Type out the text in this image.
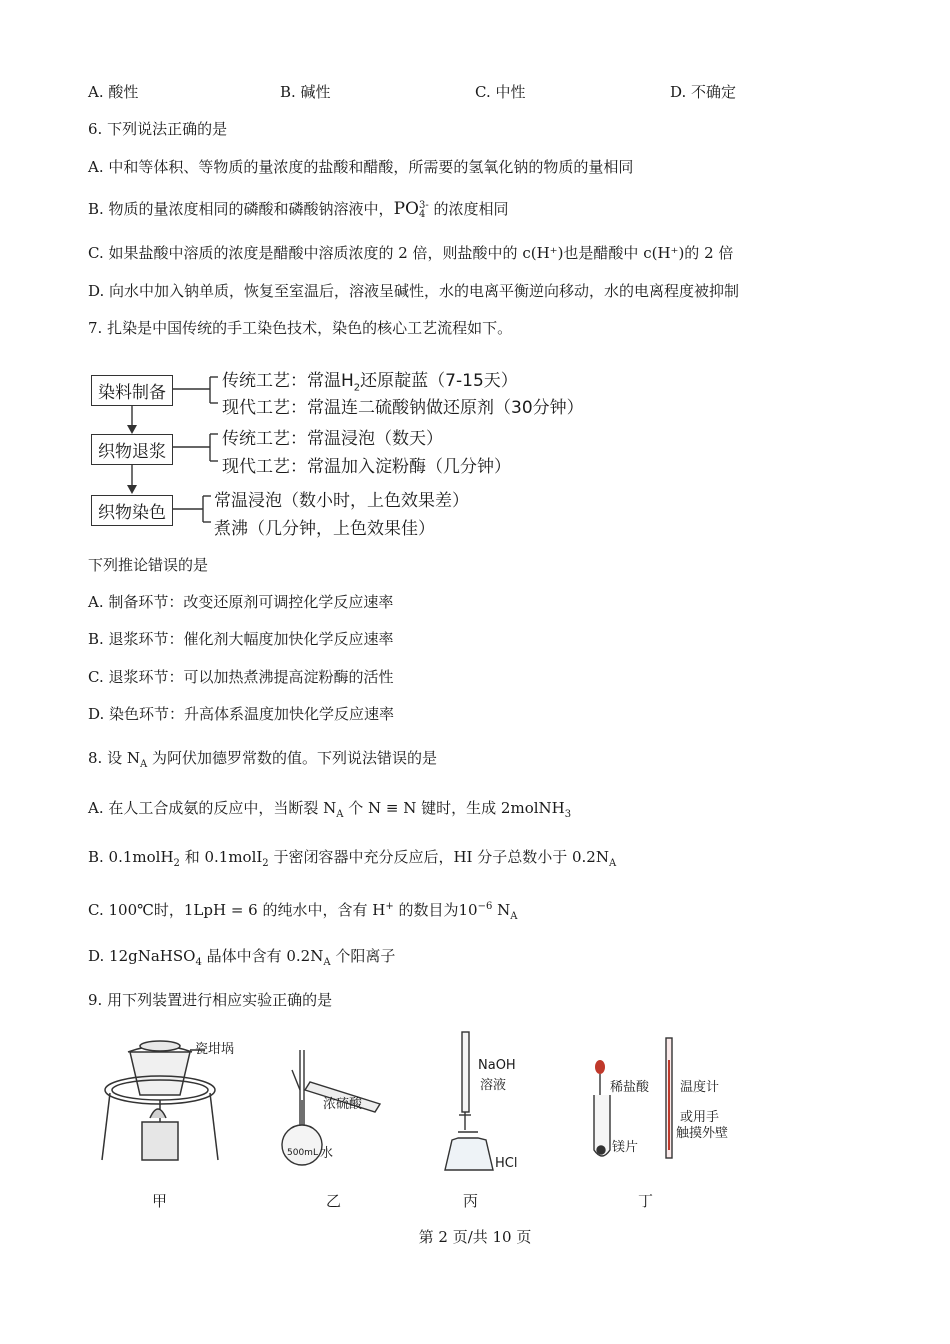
A. 酸性	B. 碱性	C. 中性	D. 不确定
6. 下列说法正确的是
A. 中和等体积、等物质的量浓度的盐酸和醋酸，所需要的氢氧化钠的物质的量相同
B. 物质的量浓度相同的磷酸和磷酸钠溶液中，PO3-
4 的浓度相同
C. 如果盐酸中溶质的浓度是醋酸中溶质浓度的 2 倍，则盐酸中的 c(H⁺)也是醋酸中 c(H⁺)的 2 倍
D. 向水中加入钠单质，恢复至室温后，溶液呈碱性，水的电离平衡逆向移动，水的电离程度被抑制
7. 扎染是中国传统的手工染色技术，染色的核心工艺流程如下。
染料制备
织物退浆
织物染色
传统工艺：常温$H_2$还原靛蓝（7-15天）
现代工艺：常温连二硫酸钠做还原剂（30分钟）
传统工艺：常温浸泡（数天）
现代工艺：常温加入淀粉酶（几分钟）
常温浸泡（数小时，上色效果差）
煮沸（几分钟，上色效果佳）
下列推论错误的是
A. 制备环节：改变还原剂可调控化学反应速率
B. 退浆环节：催化剂大幅度加快化学反应速率
C. 退浆环节：可以加热煮沸提高淀粉酶的活性
D. 染色环节：升高体系温度加快化学反应速率
8. 设 $N_A$ 为阿伏加德罗常数的值。下列说法错误的是
A. 在人工合成氨的反应中，当断裂 $N_A$ 个 N ≡ N 键时，生成 2molNH$_3$
B. 0.1molH$_2$ 和 0.1molI$_2$ 于密闭容器中充分反应后，HI 分子总数小于 $0.2N_A$
C. 100℃时，1LpH = 6 的纯水中，含有 H+ 的数目为$10^{-6}$ $N_A$
D. 12gNaHSO$_4$ 晶体中含有 $0.2N_A$ 个阳离子
9. 用下列装置进行相应实验正确的是
瓷坩埚
浓硫酸
500mL 水
NaOH
溶液
HCl
稀盐酸
镁片
温度计
或用手
触摸外壁
甲	乙	丙	丁
第 2 页/共 10 页
